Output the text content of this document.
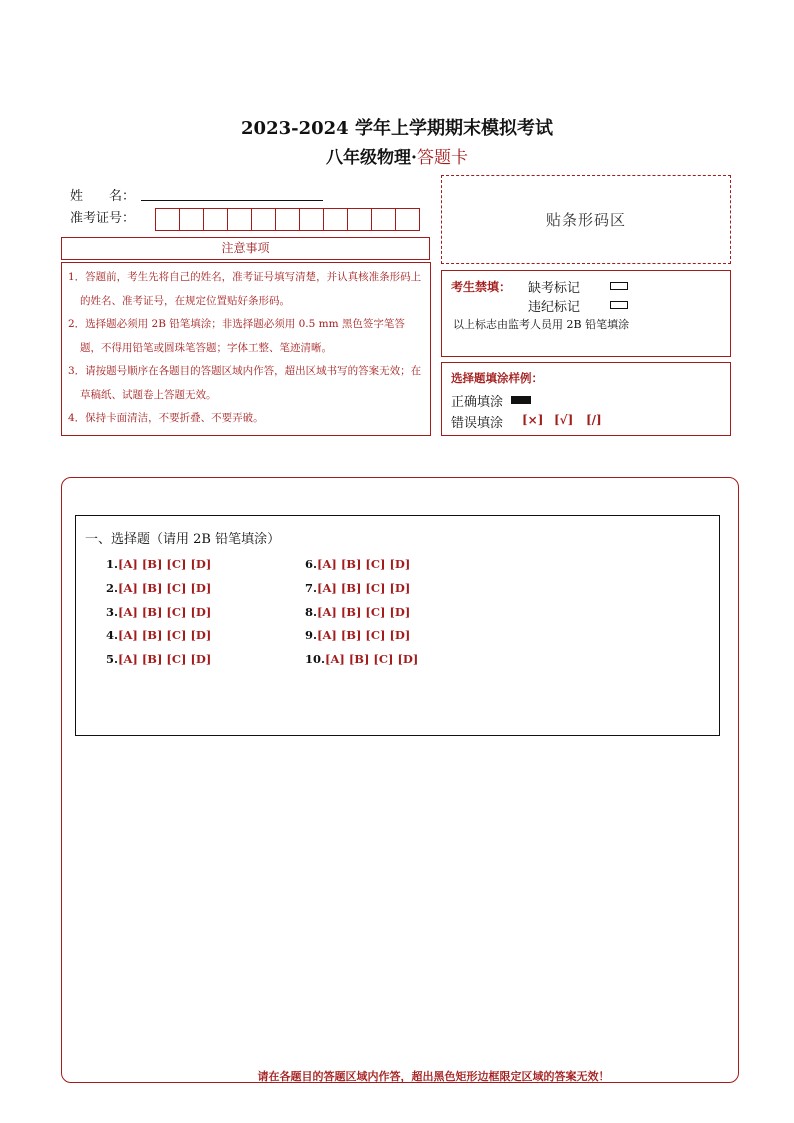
2023-2024 学年上学期期末模拟考试
八年级物理·答题卡
姓　　名：
准考证号：	贴条形码区
注意事项
1．答题前，考生先将自己的姓名，准考证号填写清楚，并认真核准条形码上的姓名、准考证号，在规定位置贴好条形码。
2．选择题必须用 2B 铅笔填涂；非选择题必须用 0.5 mm 黑色签字笔答题，不得用铅笔或圆珠笔答题；字体工整、笔迹清晰。
3．请按题号顺序在各题目的答题区域内作答，超出区域书写的答案无效；在草稿纸、试题卷上答题无效。
4．保持卡面清洁，不要折叠、不要弄破。
考生禁填： 缺考标记
违纪标记
以上标志由监考人员用 2B 铅笔填涂
选择题填涂样例：
正确填涂
错误填涂 [×] [√] [/]
一、选择题（请用 2B 铅笔填涂）
1.[A] [B] [C] [D]
2.[A] [B] [C] [D]
3.[A] [B] [C] [D]
4.[A] [B] [C] [D]
5.[A] [B] [C] [D]
6.[A] [B] [C] [D]
7.[A] [B] [C] [D]
8.[A] [B] [C] [D]
9.[A] [B] [C] [D]
10.[A] [B] [C] [D]
请在各题目的答题区域内作答，超出黑色矩形边框限定区域的答案无效！
